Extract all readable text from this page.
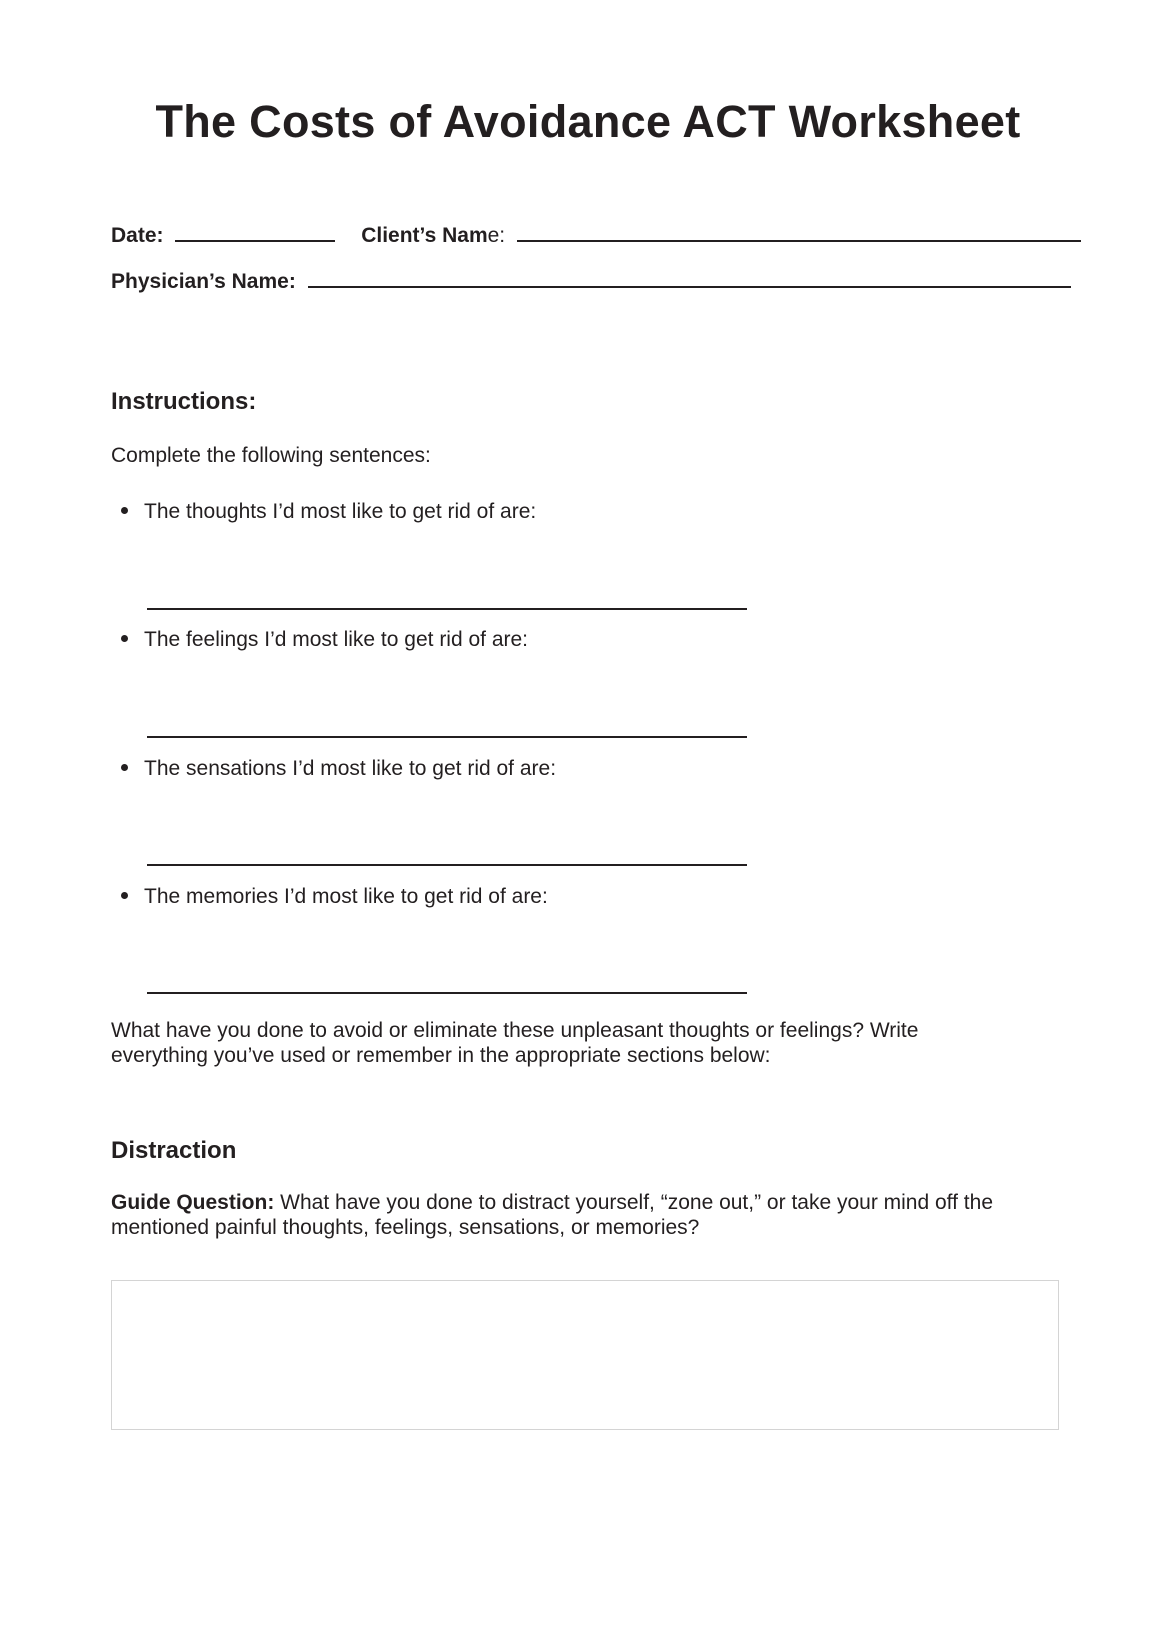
The Costs of Avoidance ACT Worksheet
Date:	Client’s Name:
Physician’s Name:
Instructions:

Complete the following sentences:

The thoughts I’d most like to get rid of are:
The feelings I’d most like to get rid of are:
The sensations I’d most like to get rid of are:
The memories I’d most like to get rid of are:

What have you done to avoid or eliminate these unpleasant thoughts or feelings? Write everything you’ve used or remember in the appropriate sections below:

Distraction

Guide Question: What have you done to distract yourself, “zone out,” or take your mind off the mentioned painful thoughts, feelings, sensations, or memories?
